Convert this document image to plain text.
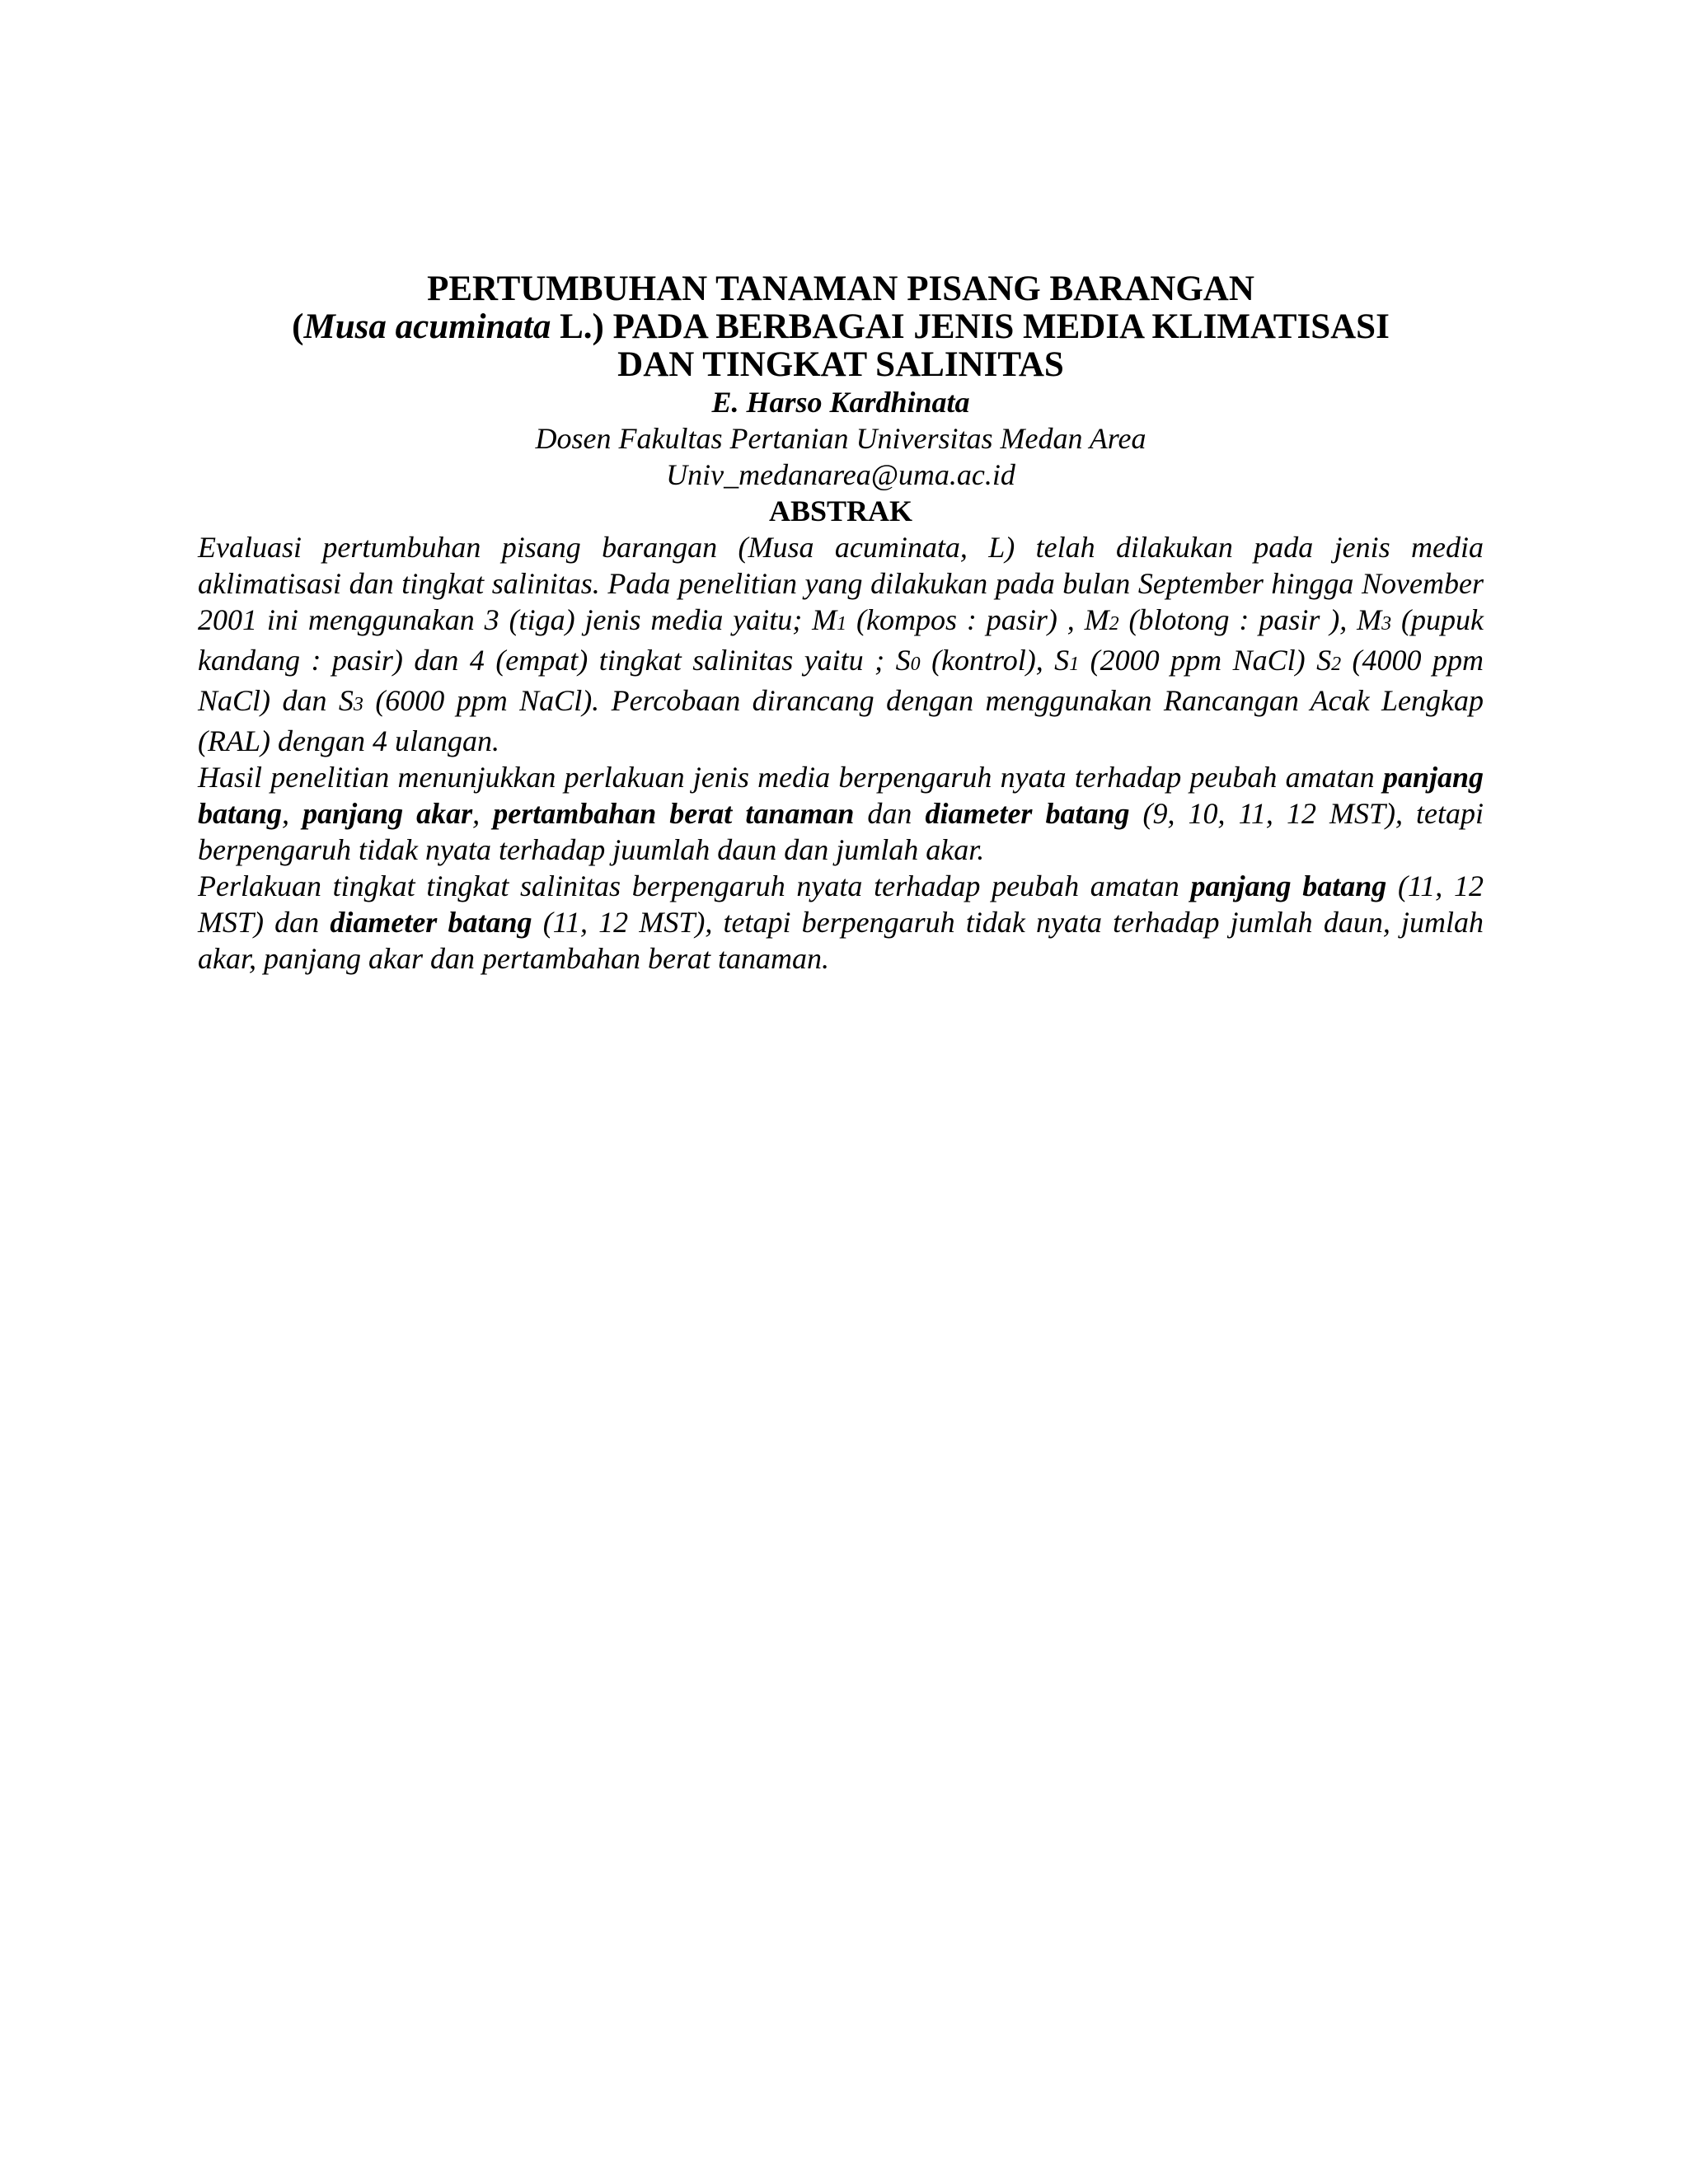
PERTUMBUHAN TANAMAN PISANG BARANGAN
(Musa acuminata L.) PADA BERBAGAI JENIS MEDIA KLIMATISASI
DAN TINGKAT SALINITAS

E. Harso Kardhinata

Dosen Fakultas Pertanian Universitas Medan Area

Univ_medanarea@uma.ac.id

ABSTRAK

Evaluasi pertumbuhan pisang barangan (Musa acuminata, L) telah dilakukan pada jenis media aklimatisasi dan tingkat salinitas. Pada penelitian yang dilakukan pada bulan September hingga November 2001 ini menggunakan 3 (tiga) jenis media yaitu; M1 (kompos : pasir) , M2 (blotong : pasir ), M3 (pupuk kandang : pasir) dan 4 (empat) tingkat salinitas yaitu ; S0 (kontrol), S1 (2000 ppm NaCl) S2 (4000 ppm NaCl) dan S3 (6000 ppm NaCl). Percobaan dirancang dengan menggunakan Rancangan Acak Lengkap (RAL) dengan 4 ulangan.

Hasil penelitian menunjukkan perlakuan jenis media berpengaruh nyata terhadap peubah amatan panjang batang, panjang akar, pertambahan berat tanaman dan diameter batang (9, 10, 11, 12 MST), tetapi berpengaruh tidak nyata terhadap juumlah daun dan jumlah akar.

Perlakuan tingkat tingkat salinitas berpengaruh nyata terhadap peubah amatan panjang batang (11, 12 MST) dan diameter batang (11, 12 MST), tetapi berpengaruh tidak nyata terhadap jumlah daun, jumlah akar, panjang akar dan pertambahan berat tanaman.
